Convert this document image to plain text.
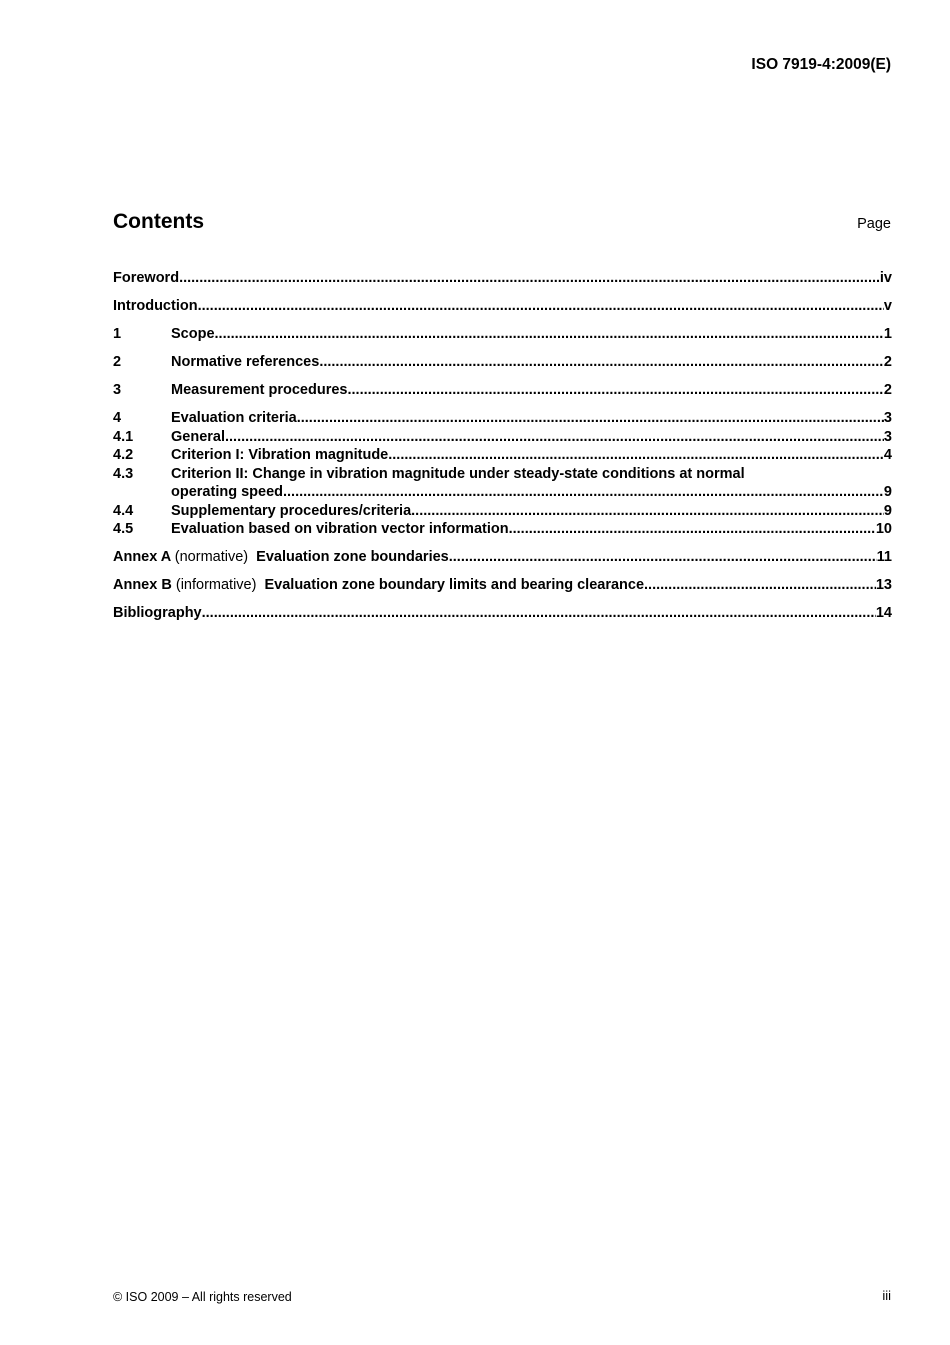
ISO 7919-4:2009(E)
Contents	Page
Foreword .....	iv
Introduction .....	v
1	Scope .....	1
2	Normative references .....	2
3	Measurement procedures .....	2
4	Evaluation criteria .....	3
4.1	General .....	3
4.2	Criterion I: Vibration magnitude .....	4
4.3	Criterion II: Change in vibration magnitude under steady-state conditions at normal
operating speed .....	9
4.4	Supplementary procedures/criteria .....	9
4.5	Evaluation based on vibration vector information .....	10
Annex A (normative) Evaluation zone boundaries .....	11
Annex B (informative) Evaluation zone boundary limits and bearing clearance .....	13
Bibliography .....	14
© ISO 2009 – All rights reserved	iii
